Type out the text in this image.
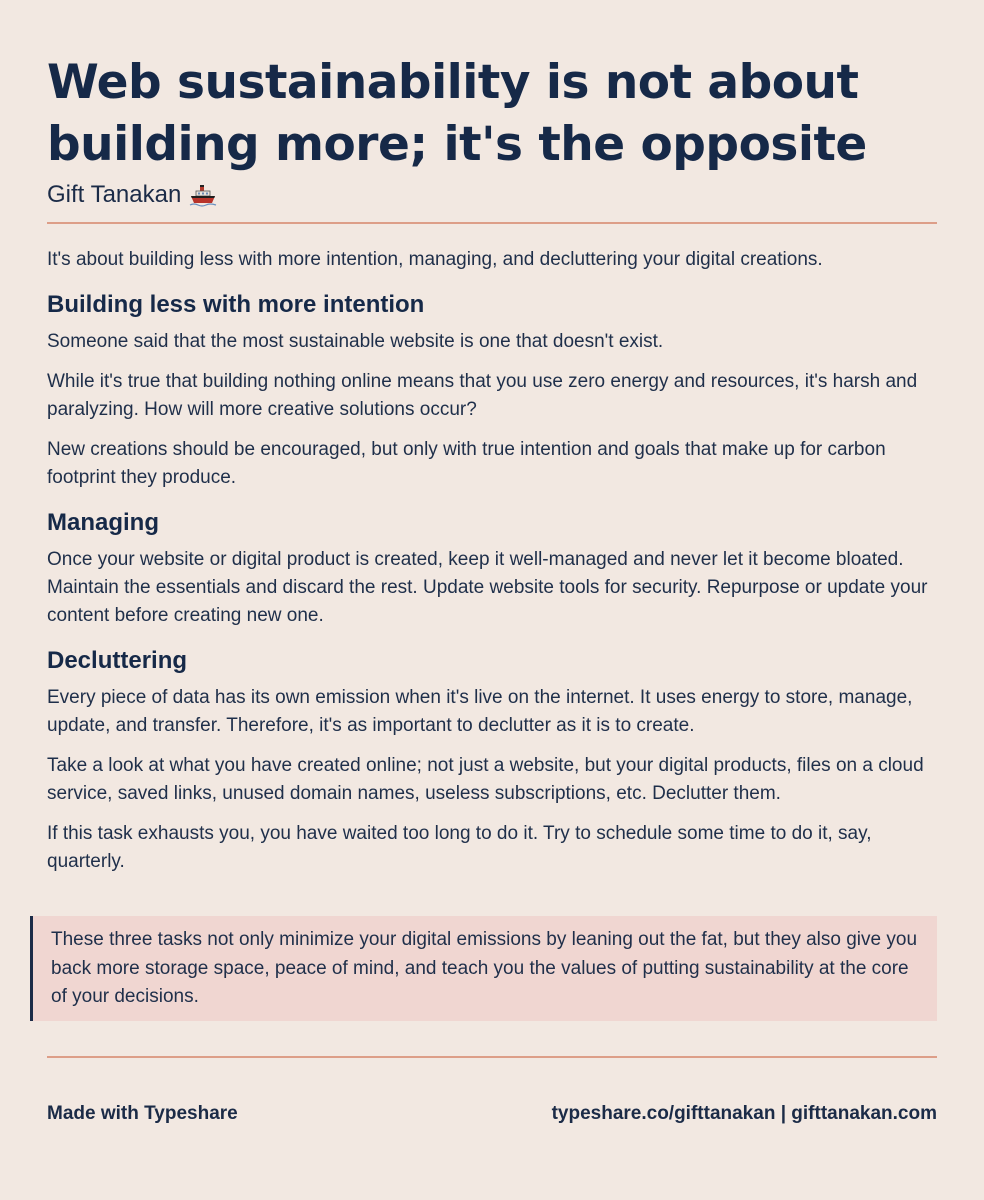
Web sustainability is not about building more; it's the opposite
Gift Tanakan

It's about building less with more intention, managing, and decluttering your digital creations.

Building less with more intention

Someone said that the most sustainable website is one that doesn't exist.

While it's true that building nothing online means that you use zero energy and resources, it's harsh and paralyzing. How will more creative solutions occur?

New creations should be encouraged, but only with true intention and goals that make up for carbon footprint they produce.

Managing

Once your website or digital product is created, keep it well-managed and never let it become bloated. Maintain the essentials and discard the rest. Update website tools for security. Repurpose or update your content before creating new one.

Decluttering

Every piece of data has its own emission when it's live on the internet. It uses energy to store, manage, update, and transfer. Therefore, it's as important to declutter as it is to create.

Take a look at what you have created online; not just a website, but your digital products, files on a cloud service, saved links, unused domain names, useless subscriptions, etc. Declutter them.

If this task exhausts you, you have waited too long to do it. Try to schedule some time to do it, say, quarterly.

These three tasks not only minimize your digital emissions by leaning out the fat, but they also give you back more storage space, peace of mind, and teach you the values of putting sustainability at the core of your decisions.

Made with Typeshare	typeshare.co/gifttanakan | gifttanakan.com
